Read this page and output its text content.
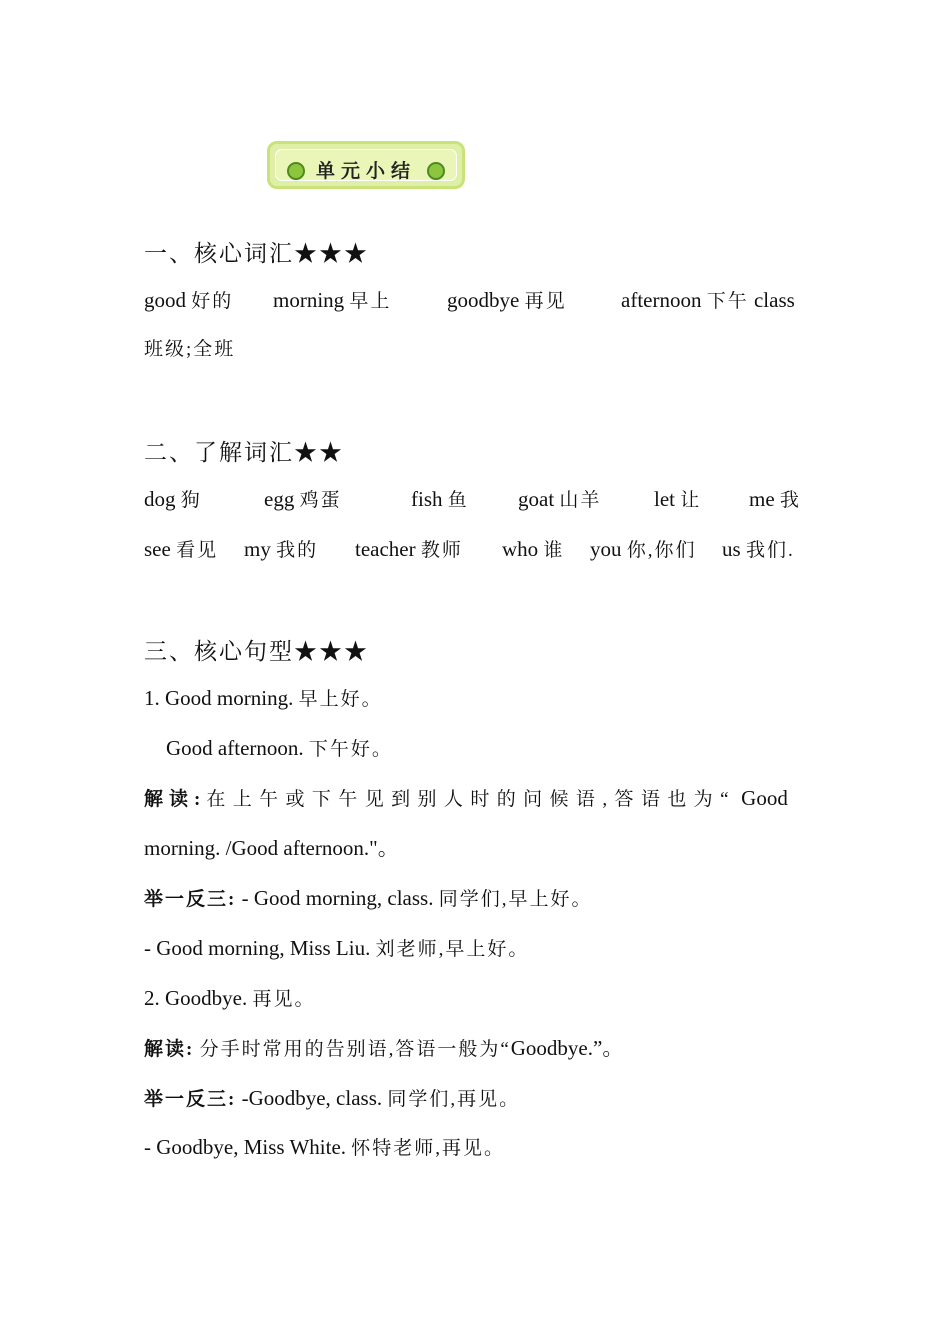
单元小结
一、核心词汇★★★
good 好的 morning 早上	goodbye 再见	afternoon 下午 class
班级;全班
二、了解词汇★★
dog 狗	egg 鸡蛋	fish 鱼 goat 山羊	let 让 me 我
see 看见 my 我的 teacher 教师 who 谁 you 你,你们 us 我们.
三、核心句型★★★
1. Good morning. 早上好。
Good afternoon. 下午好。
解读:在上午或下午见到别人时的问候语,答语也为“ Good
morning. /Good afternoon."。
举一反三: - Good morning, class. 同学们,早上好。
- Good morning, Miss Liu. 刘老师,早上好。
2. Goodbye. 再见。
解读: 分手时常用的告别语,答语一般为“Goodbye.”。
举一反三: -Goodbye, class. 同学们,再见。
- Goodbye, Miss White. 怀特老师,再见。
